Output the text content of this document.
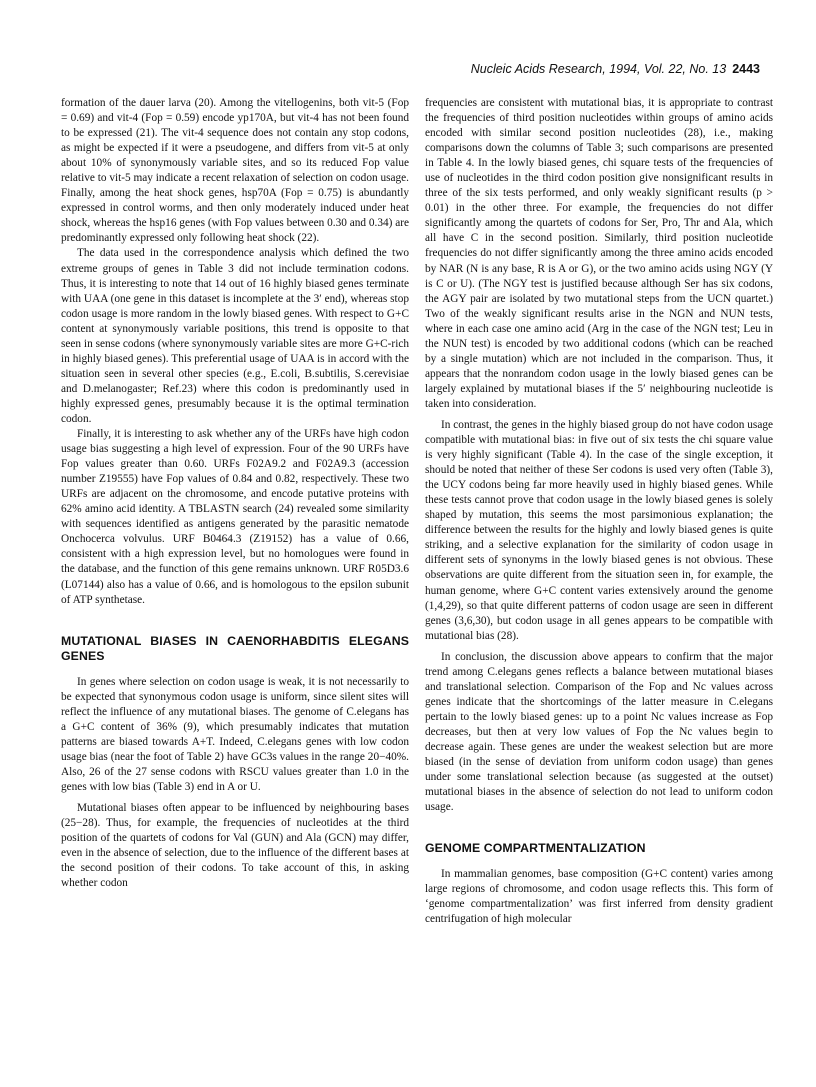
Nucleic Acids Research, 1994, Vol. 22, No. 13 2443

formation of the dauer larva (20). Among the vitellogenins, both vit-5 (Fop = 0.69) and vit-4 (Fop = 0.59) encode yp170A, but vit-4 has not been found to be expressed (21). The vit-4 sequence does not contain any stop codons, as might be expected if it were a pseudogene, and differs from vit-5 at only about 10% of synonymously variable sites, and so its reduced Fop value relative to vit-5 may indicate a recent relaxation of selection on codon usage. Finally, among the heat shock genes, hsp70A (Fop = 0.75) is abundantly expressed in control worms, and then only moderately induced under heat shock, whereas the hsp16 genes (with Fop values between 0.30 and 0.34) are predominantly expressed only following heat shock (22).

The data used in the correspondence analysis which defined the two extreme groups of genes in Table 3 did not include termination codons. Thus, it is interesting to note that 14 out of 16 highly biased genes terminate with UAA (one gene in this dataset is incomplete at the 3′ end), whereas stop codon usage is more random in the lowly biased genes. With respect to G+C content at synonymously variable positions, this trend is opposite to that seen in sense codons (where synonymously variable sites are more G+C-rich in highly biased genes). This preferential usage of UAA is in accord with the situation seen in several other species (e.g., E.coli, B.subtilis, S.cerevisiae and D.melanogaster; Ref.23) where this codon is predominantly used in highly expressed genes, presumably because it is the optimal termination codon.

Finally, it is interesting to ask whether any of the URFs have high codon usage bias suggesting a high level of expression. Four of the 90 URFs have Fop values greater than 0.60. URFs F02A9.2 and F02A9.3 (accession number Z19555) have Fop values of 0.84 and 0.82, respectively. These two URFs are adjacent on the chromosome, and encode putative proteins with 62% amino acid identity. A TBLASTN search (24) revealed some similarity with sequences identified as antigens generated by the parasitic nematode Onchocerca volvulus. URF B0464.3 (Z19152) has a value of 0.66, consistent with a high expression level, but no homologues were found in the database, and the function of this gene remains unknown. URF R05D3.6 (L07144) also has a value of 0.66, and is homologous to the epsilon subunit of ATP synthetase.

MUTATIONAL BIASES IN CAENORHABDITIS ELEGANS GENES

In genes where selection on codon usage is weak, it is not necessarily to be expected that synonymous codon usage is uniform, since silent sites will reflect the influence of any mutational biases. The genome of C.elegans has a G+C content of 36% (9), which presumably indicates that mutation patterns are biased towards A+T. Indeed, C.elegans genes with low codon usage bias (near the foot of Table 2) have GC3s values in the range 20−40%. Also, 26 of the 27 sense codons with RSCU values greater than 1.0 in the genes with low bias (Table 3) end in A or U.

Mutational biases often appear to be influenced by neighbouring bases (25−28). Thus, for example, the frequencies of nucleotides at the third position of the quartets of codons for Val (GUN) and Ala (GCN) may differ, even in the absence of selection, due to the influence of the different bases at the second position of their codons. To take account of this, in asking whether codon

frequencies are consistent with mutational bias, it is appropriate to contrast the frequencies of third position nucleotides within groups of amino acids encoded with similar second position nucleotides (28), i.e., making comparisons down the columns of Table 3; such comparisons are presented in Table 4. In the lowly biased genes, chi square tests of the frequencies of use of nucleotides in the third codon position give nonsignificant results in three of the six tests performed, and only weakly significant results (p > 0.01) in the other three. For example, the frequencies do not differ significantly among the quartets of codons for Ser, Pro, Thr and Ala, which all have C in the second position. Similarly, third position nucleotide frequencies do not differ significantly among the three amino acids encoded by NAR (N is any base, R is A or G), or the two amino acids using NGY (Y is C or U). (The NGY test is justified because although Ser has six codons, the AGY pair are isolated by two mutational steps from the UCN quartet.) Two of the weakly significant results arise in the NGN and NUN tests, where in each case one amino acid (Arg in the case of the NGN test; Leu in the NUN test) is encoded by two additional codons (which can be reached by a single mutation) which are not included in the comparison. Thus, it appears that the nonrandom codon usage in the lowly biased genes can be largely explained by mutational biases if the 5′ neighbouring nucleotide is taken into consideration.

In contrast, the genes in the highly biased group do not have codon usage compatible with mutational bias: in five out of six tests the chi square value is very highly significant (Table 4). In the case of the single exception, it should be noted that neither of these Ser codons is used very often (Table 3), the UCY codons being far more heavily used in highly biased genes. While these tests cannot prove that codon usage in the lowly biased genes is solely shaped by mutation, this seems the most parsimonious explanation; the difference between the results for the highly and lowly biased genes is quite striking, and a selective explanation for the similarity of codon usage in different sets of synonyms in the lowly biased genes is not obvious. These observations are quite different from the situation seen in, for example, the human genome, where G+C content varies extensively around the genome (1,4,29), so that quite different patterns of codon usage are seen in different genes (3,6,30), but codon usage in all genes appears to be compatible with mutational bias (28).

In conclusion, the discussion above appears to confirm that the major trend among C.elegans genes reflects a balance between mutational biases and translational selection. Comparison of the Fop and Nc values across genes indicate that the shortcomings of the latter measure in C.elegans pertain to the lowly biased genes: up to a point Nc values increase as Fop decreases, but then at very low values of Fop the Nc values begin to decrease again. These genes are under the weakest selection but are more biased (in the sense of deviation from uniform codon usage) than genes under some translational selection because (as suggested at the outset) mutational biases in the absence of selection do not lead to uniform codon usage.

GENOME COMPARTMENTALIZATION

In mammalian genomes, base composition (G+C content) varies among large regions of chromosome, and codon usage reflects this. This form of ‘genome compartmentalization’ was first inferred from density gradient centrifugation of high molecular
